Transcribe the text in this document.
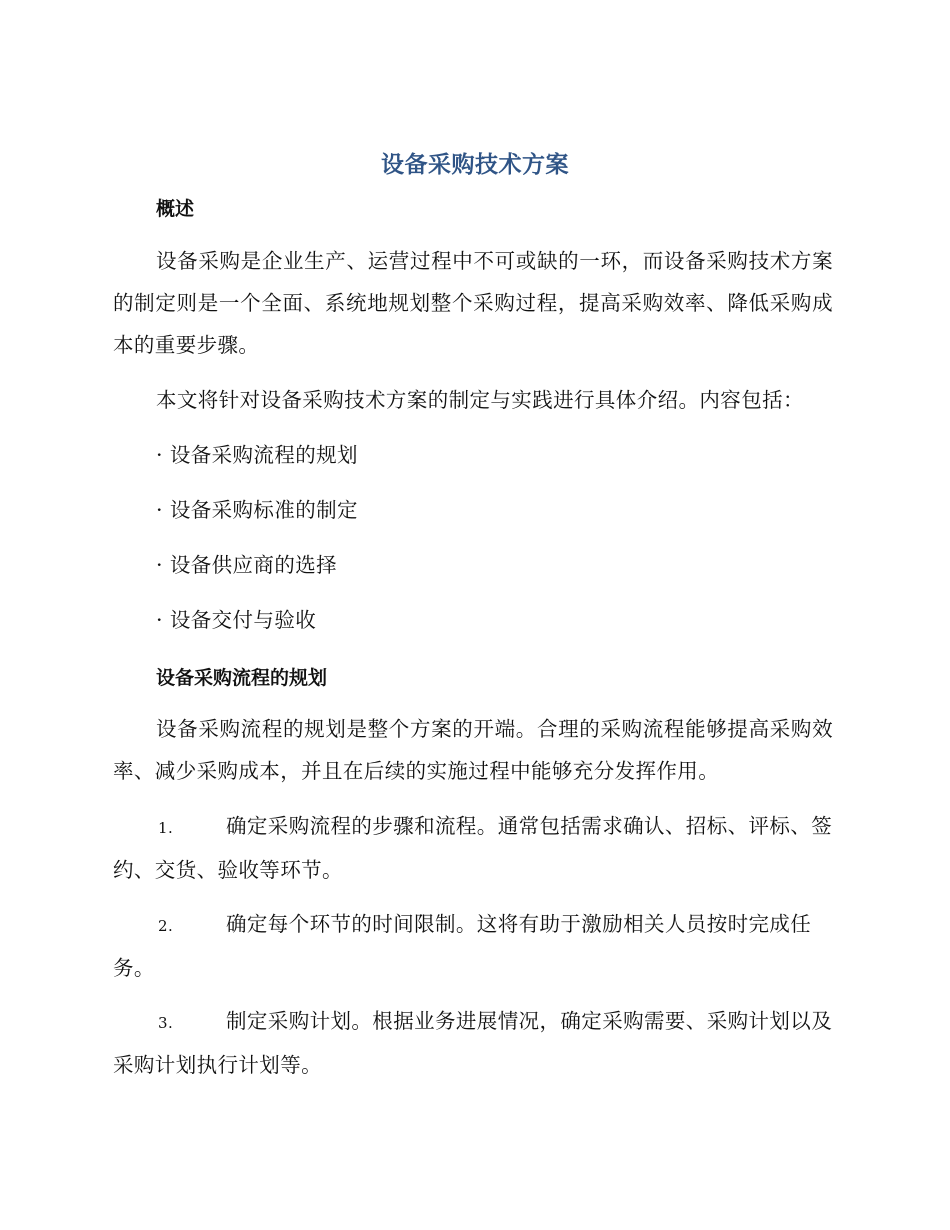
设备采购技术方案
概述

设备采购是企业生产、运营过程中不可或缺的一环，而设备采购技术方案的制定则是一个全面、系统地规划整个采购过程，提高采购效率、降低采购成本的重要步骤。

本文将针对设备采购技术方案的制定与实践进行具体介绍。内容包括：

· 设备采购流程的规划
· 设备采购标准的制定
· 设备供应商的选择
· 设备交付与验收
设备采购流程的规划

设备采购流程的规划是整个方案的开端。合理的采购流程能够提高采购效率、减少采购成本，并且在后续的实施过程中能够充分发挥作用。

1.	确定采购流程的步骤和流程。通常包括需求确认、招标、评标、签约、交货、验收等环节。

2.	确定每个环节的时间限制。这将有助于激励相关人员按时完成任务。

3.	制定采购计划。根据业务进展情况，确定采购需要、采购计划以及采购计划执行计划等。
